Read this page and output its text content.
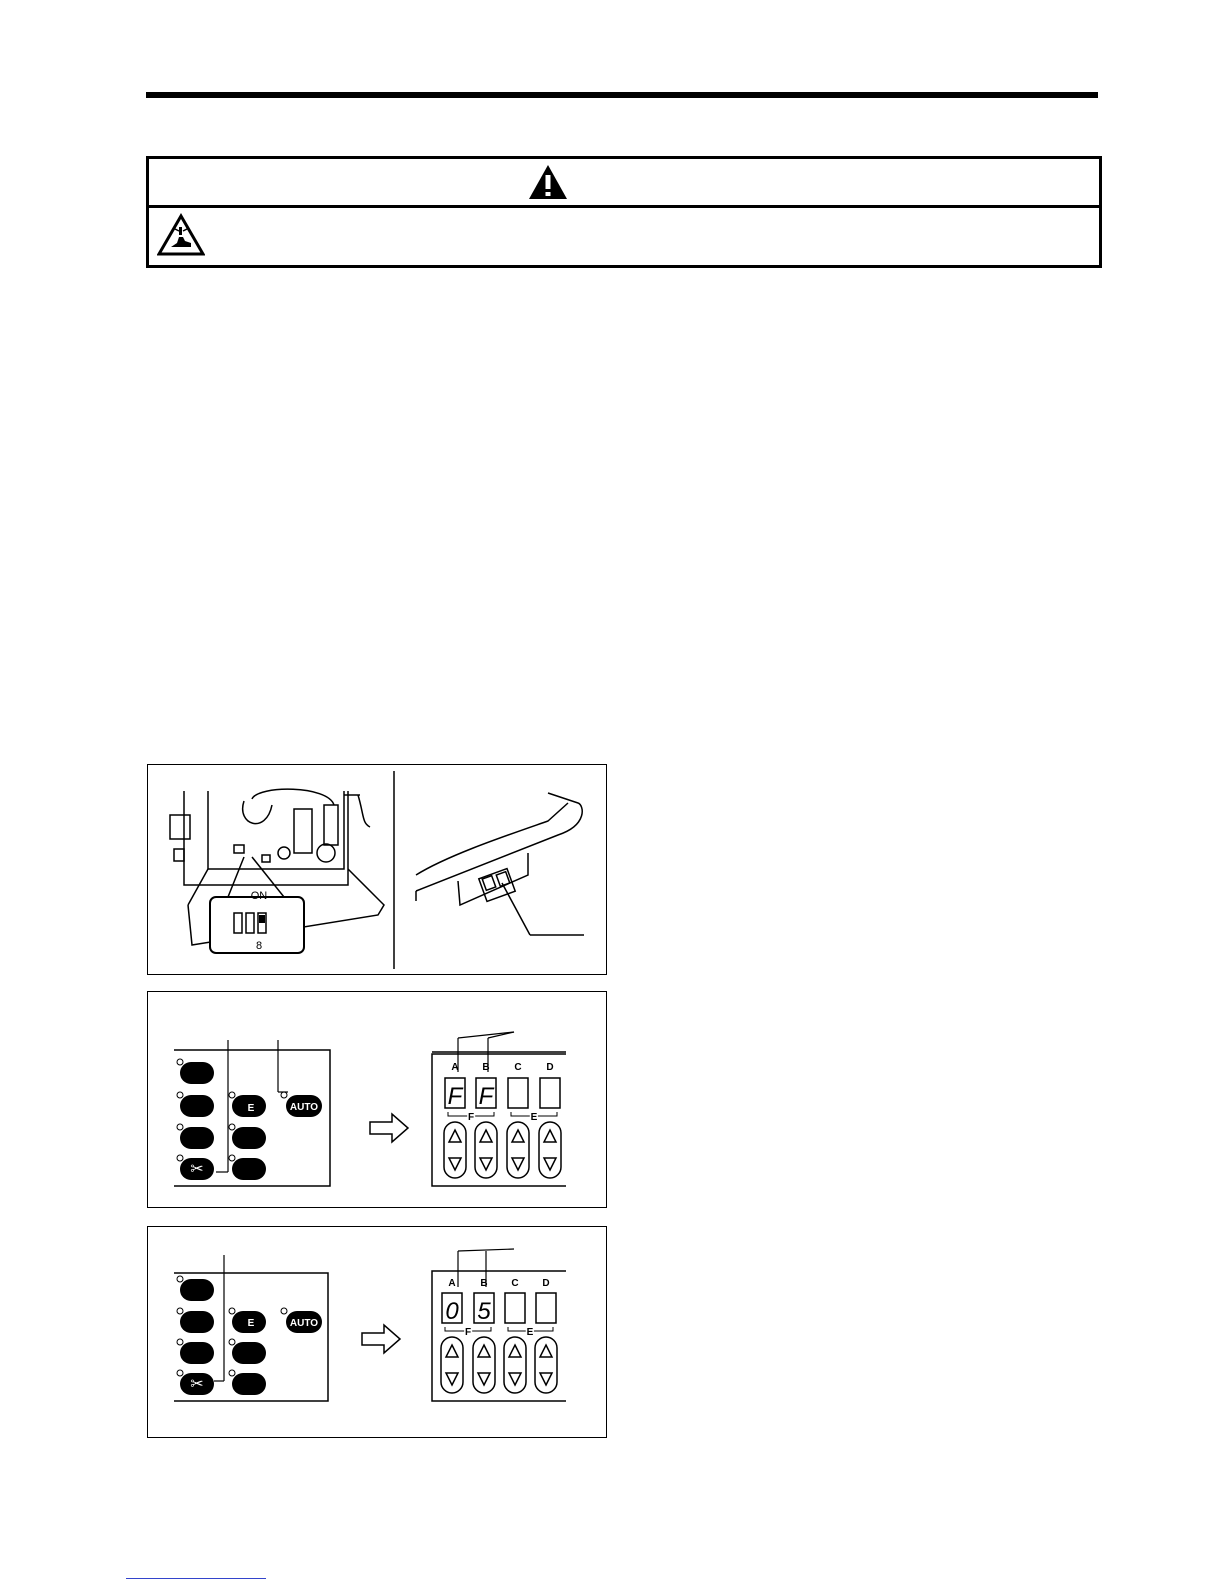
ON
8
✂
E	AUTO
A B C D
F F
F	E
✂
E	AUTO
A B C D
0 5
F	E
